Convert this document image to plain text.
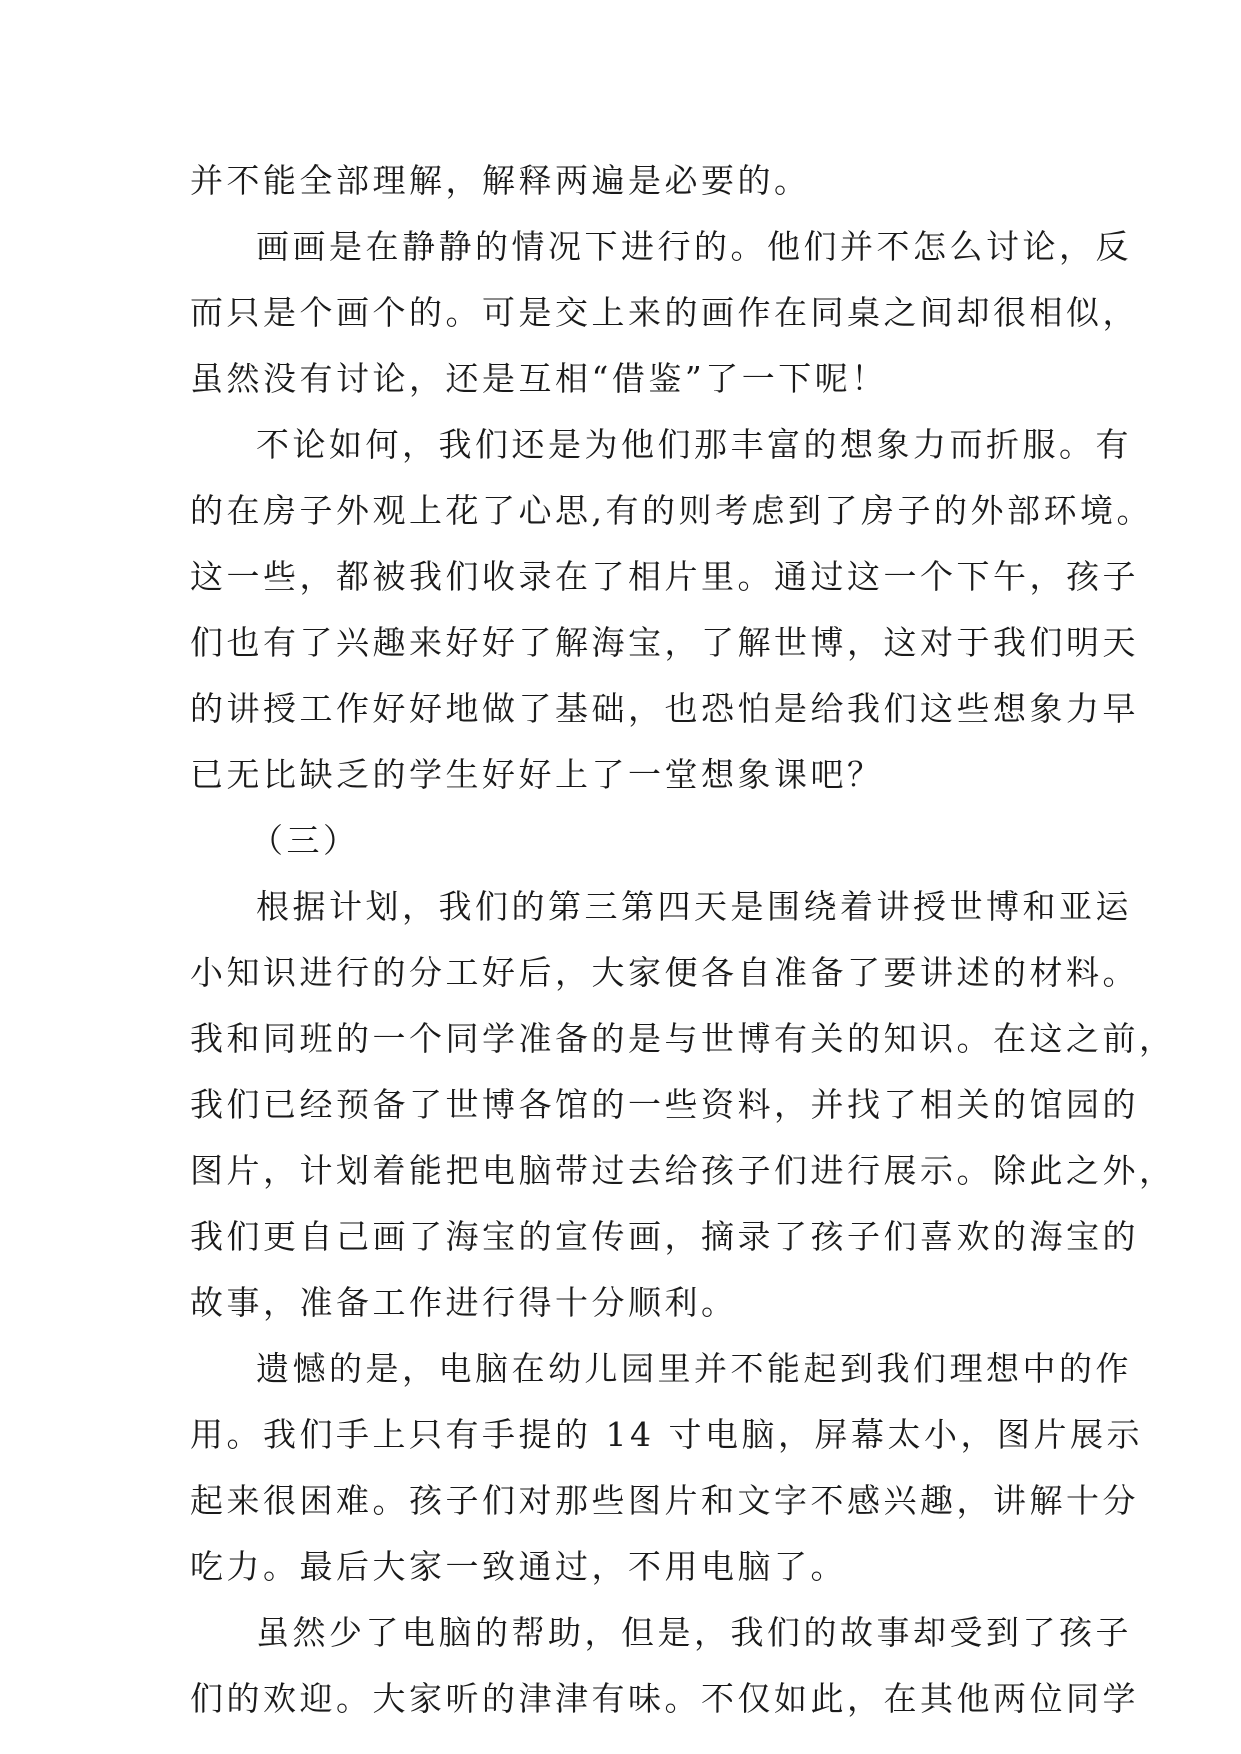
并不能全部理解，解释两遍是必要的。
画画是在静静的情况下进行的。他们并不怎么讨论，反
而只是个画个的。可是交上来的画作在同桌之间却很相似，
虽然没有讨论，还是互相“借鉴”了一下呢！
不论如何，我们还是为他们那丰富的想象力而折服。有
的在房子外观上花了心思,有的则考虑到了房子的外部环境。
这一些，都被我们收录在了相片里。通过这一个下午，孩子
们也有了兴趣来好好了解海宝，了解世博，这对于我们明天
的讲授工作好好地做了基础，也恐怕是给我们这些想象力早
已无比缺乏的学生好好上了一堂想象课吧？
（三）
根据计划，我们的第三第四天是围绕着讲授世博和亚运
小知识进行的分工好后，大家便各自准备了要讲述的材料。
我和同班的一个同学准备的是与世博有关的知识。在这之前，
我们已经预备了世博各馆的一些资料，并找了相关的馆园的
图片，计划着能把电脑带过去给孩子们进行展示。除此之外，
我们更自己画了海宝的宣传画，摘录了孩子们喜欢的海宝的
故事，准备工作进行得十分顺利。
遗憾的是，电脑在幼儿园里并不能起到我们理想中的作
用。我们手上只有手提的 14 寸电脑，屏幕太小，图片展示
起来很困难。孩子们对那些图片和文字不感兴趣，讲解十分
吃力。最后大家一致通过，不用电脑了。
虽然少了电脑的帮助，但是，我们的故事却受到了孩子
们的欢迎。大家听的津津有味。不仅如此，在其他两位同学
